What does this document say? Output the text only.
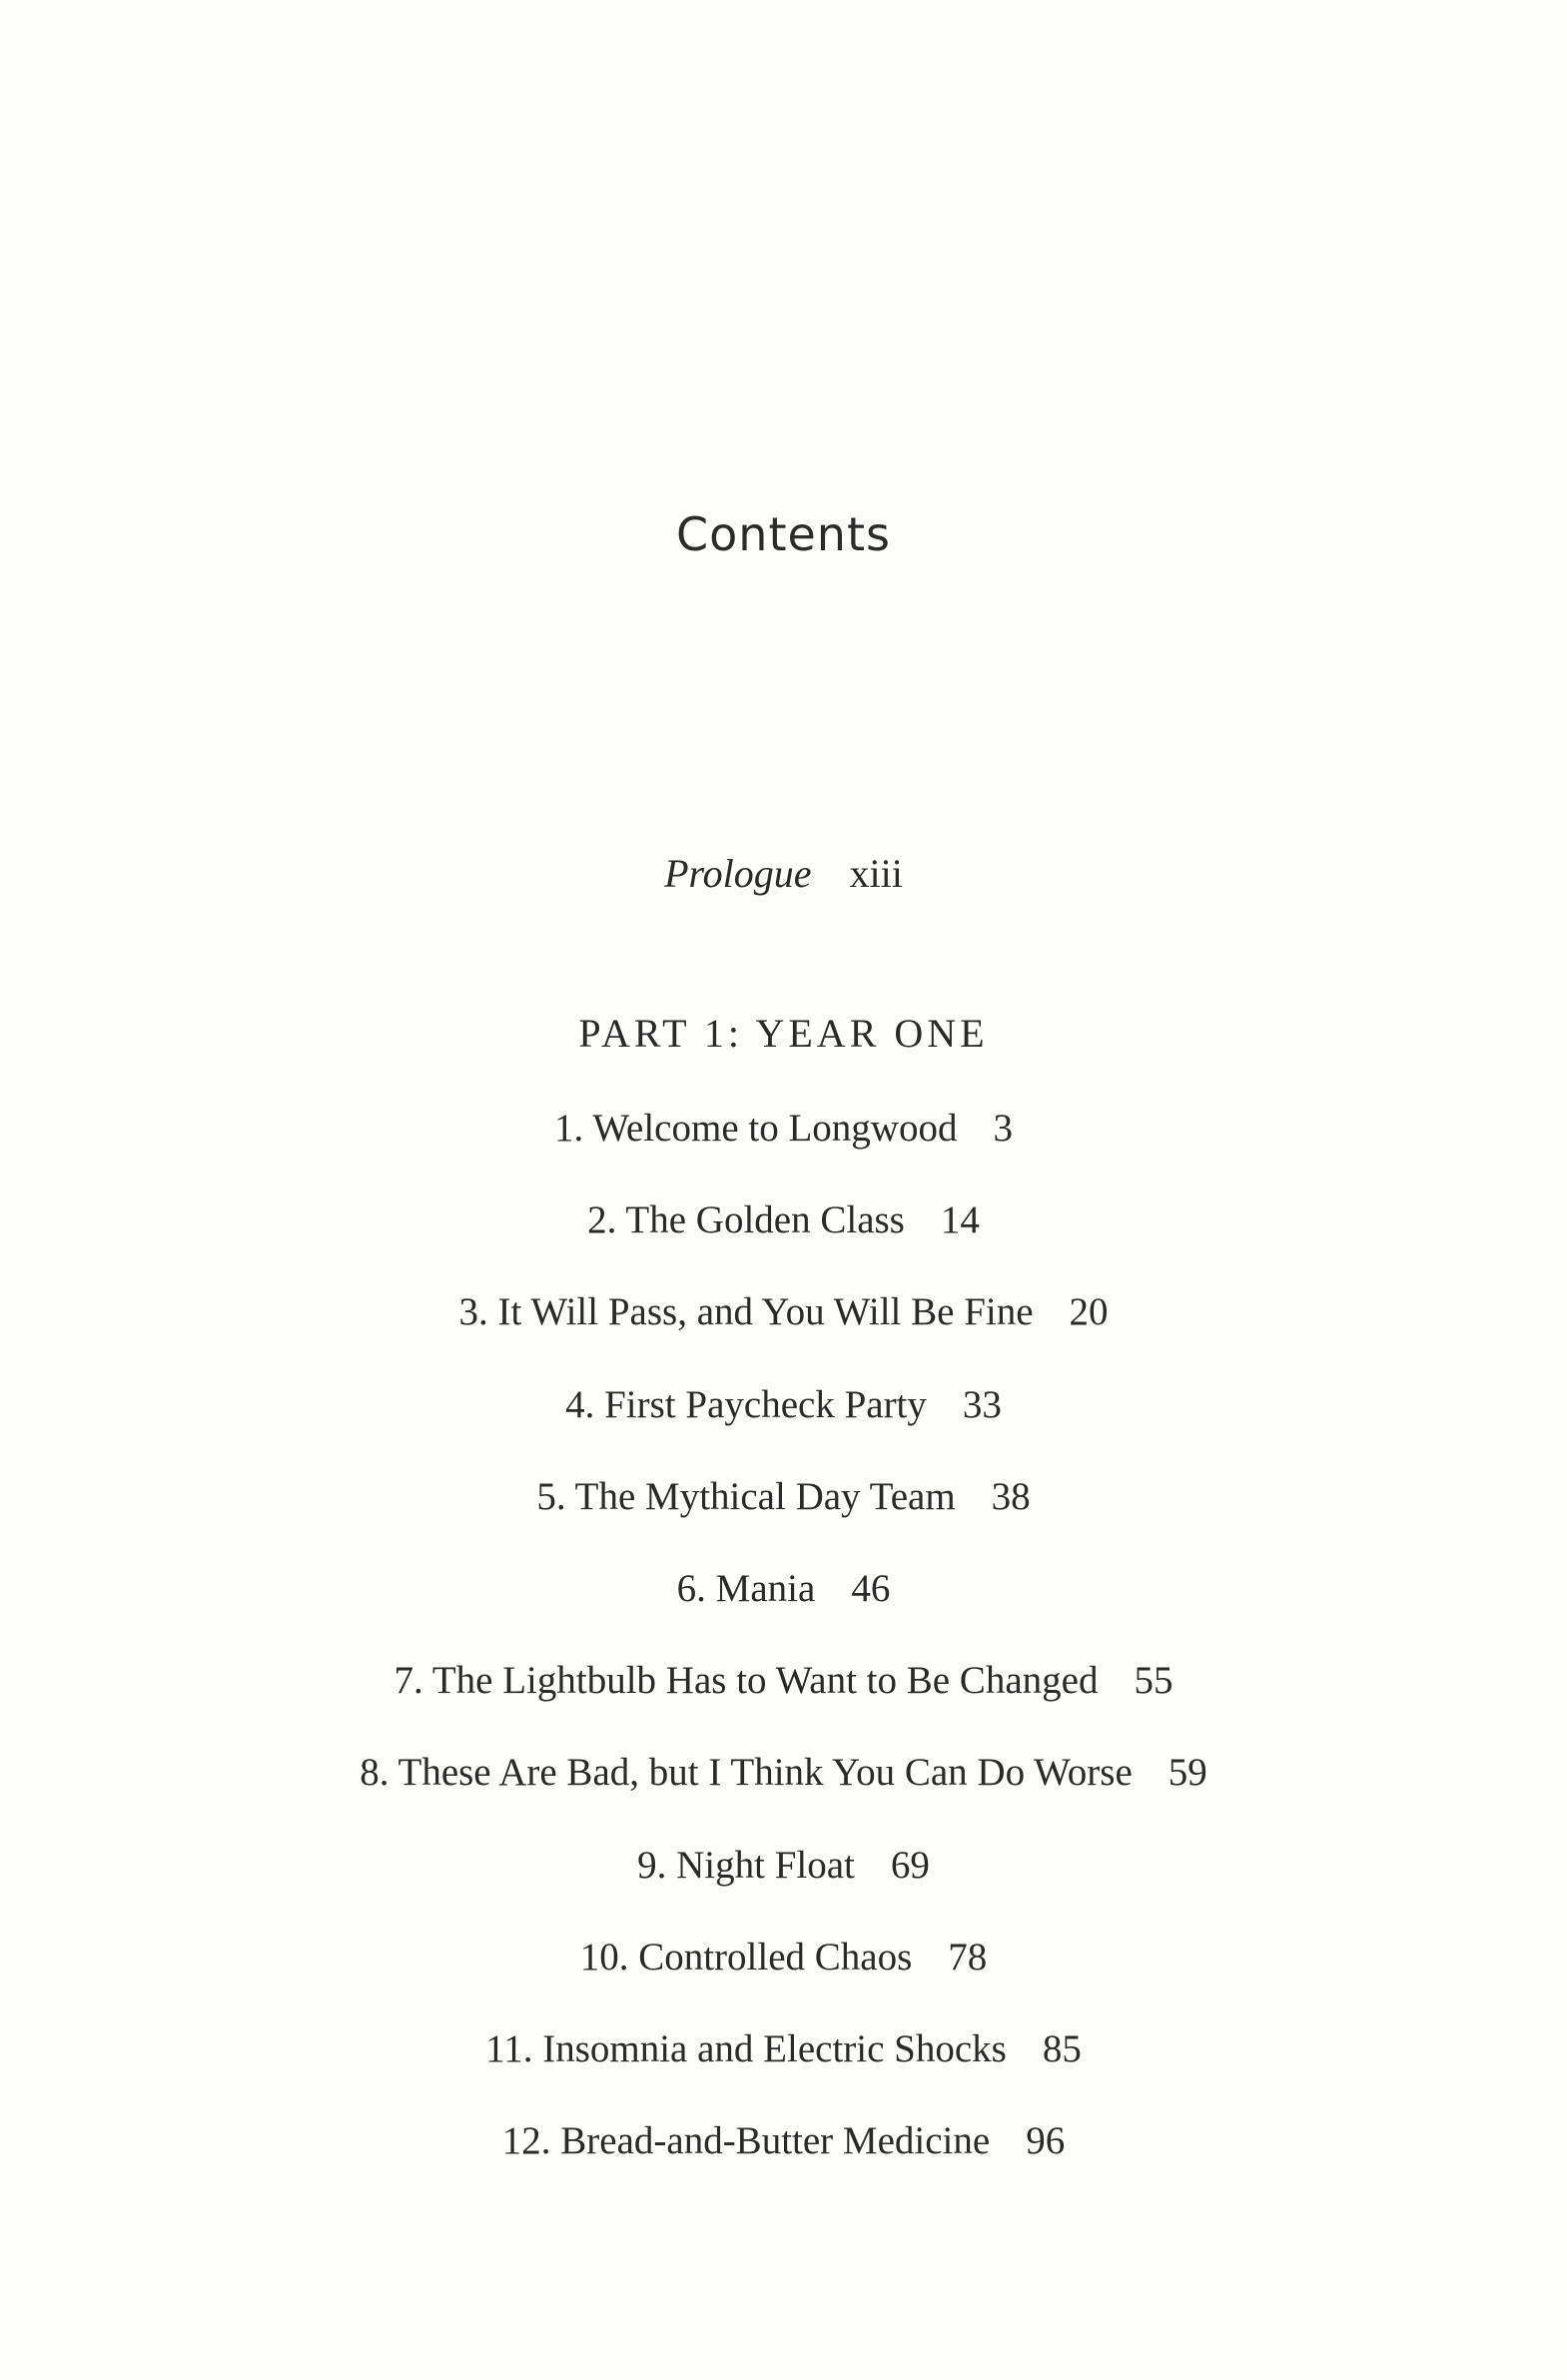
Contents
Prologue xiii
PART 1: YEAR ONE
1. Welcome to Longwood 3
2. The Golden Class 14
3. It Will Pass, and You Will Be Fine 20
4. First Paycheck Party 33
5. The Mythical Day Team 38
6. Mania 46
7. The Lightbulb Has to Want to Be Changed 55
8. These Are Bad, but I Think You Can Do Worse 59
9. Night Float 69
10. Controlled Chaos 78
11. Insomnia and Electric Shocks 85
12. Bread-and-Butter Medicine 96
